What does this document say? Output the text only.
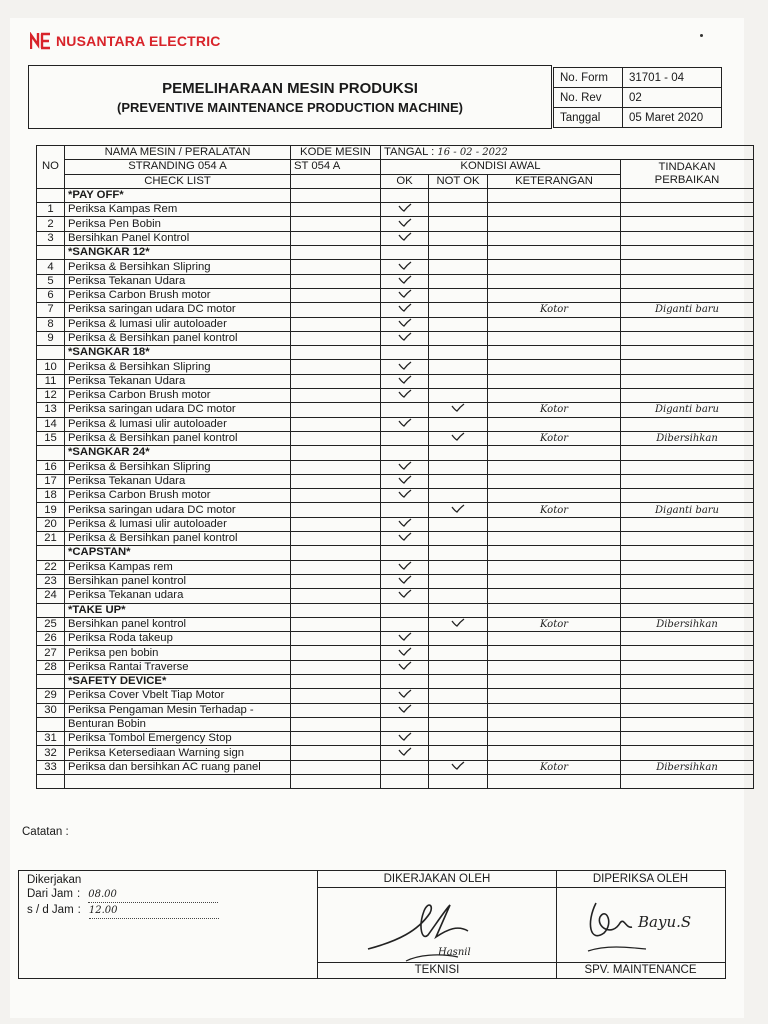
NUSANTARA ELECTRIC
PEMELIHARAAN MESIN PRODUKSI
(PREVENTIVE MAINTENANCE PRODUCTION MACHINE)
No. Form	31701 - 04
No. Rev	02
Tanggal	05 Maret 2020
NO	NAMA MESIN / PERALATAN	KODE MESIN	TANGAL : 16 - 02 - 2022			
	STRANDING 054 A	ST 054 A	KONDISI AWAL			TINDAKAN
	CHECK LIST		OK	NOT OK	KETERANGAN	PERBAIKAN
	*PAY OFF*					
1	Periksa Kampas Rem					
2	Periksa Pen Bobin					
3	Bersihkan Panel Kontrol					
	*SANGKAR 12*					
4	Periksa & Bersihkan Slipring					
5	Periksa Tekanan Udara					
6	Periksa Carbon Brush motor					
7	Periksa saringan udara DC motor				Kotor	Diganti baru
8	Periksa & lumasi ulir autoloader					
9	Periksa & Bersihkan panel kontrol					
	*SANGKAR 18*					
10	Periksa & Bersihkan Slipring					
11	Periksa Tekanan Udara					
12	Periksa Carbon Brush motor					
13	Periksa saringan udara DC motor				Kotor	Diganti baru
14	Periksa & lumasi ulir autoloader					
15	Periksa & Bersihkan panel kontrol				Kotor	Dibersihkan
	*SANGKAR 24*					
16	Periksa & Bersihkan Slipring					
17	Periksa Tekanan Udara					
18	Periksa Carbon Brush motor					
19	Periksa saringan udara DC motor				Kotor	Diganti baru
20	Periksa & lumasi ulir autoloader					
21	Periksa & Bersihkan panel kontrol					
	*CAPSTAN*					
22	Periksa Kampas rem					
23	Bersihkan panel kontrol					
24	Periksa Tekanan udara					
	*TAKE UP*					
25	Bersihkan panel kontrol				Kotor	Dibersihkan
26	Periksa Roda takeup					
27	Periksa pen bobin					
28	Periksa Rantai Traverse					
	*SAFETY DEVICE*					
29	Periksa Cover Vbelt Tiap Motor					
30	Periksa Pengaman Mesin Terhadap -					
	Benturan Bobin					
31	Periksa Tombol Emergency Stop					
32	Periksa Ketersediaan Warning sign					
33	Periksa dan bersihkan AC ruang panel				Kotor	Dibersihkan

Catatan :
Dikerjakan
Dari Jam : 08.00
s / d Jam : 12.00
DIKERJAKAN OLEH
Hasnil
TEKNISI
DIPERIKSA OLEH
Bayu.S
SPV. MAINTENANCE
